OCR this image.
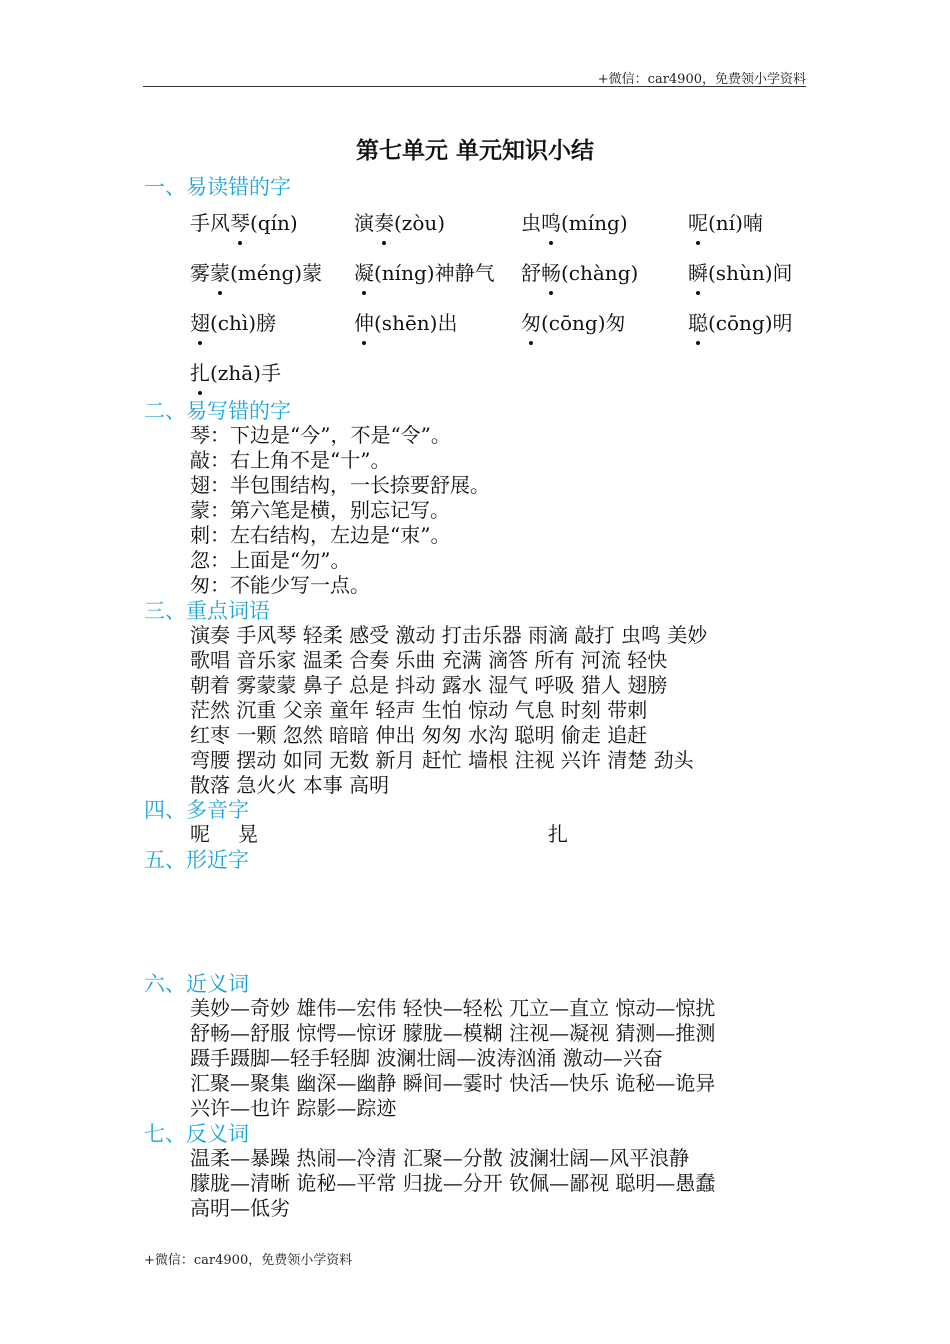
+微信：car4900，免费领小学资料
第七单元 单元知识小结
一、易读错的字
手风琴(qín)	演奏(zòu)	虫鸣(míng)	呢(ní)喃
雾蒙(méng)蒙 凝(níng)神静气 舒畅(chàng) 瞬(shùn)间
翅(chì)膀	伸(shēn)出	匆(cōng)匆	聪(cōng)明
扎(zhā)手
二、易写错的字
琴：下边是“今”，不是“令”。
敲：右上角不是“十”。
翅：半包围结构，一长捺要舒展。
蒙：第六笔是横，别忘记写。
刺：左右结构，左边是“朿”。
忽：上面是“勿”。
匆：不能少写一点。
三、重点词语
演奏 手风琴 轻柔 感受 激动 打击乐器 雨滴 敲打 虫鸣 美妙
歌唱 音乐家 温柔 合奏 乐曲 充满 滴答 所有 河流 轻快
朝着 雾蒙蒙 鼻子 总是 抖动 露水 湿气 呼吸 猎人 翅膀
茫然 沉重 父亲 童年 轻声 生怕 惊动 气息 时刻 带刺
红枣 一颗 忽然 暗暗 伸出 匆匆 水沟 聪明 偷走 追赶
弯腰 摆动 如同 无数 新月 赶忙 墙根 注视 兴许 清楚 劲头
散落 急火火 本事 高明
四、多音字
呢 晃	扎
五、形近字
六、近义词
美妙—奇妙 雄伟—宏伟 轻快—轻松 兀立—直立 惊动—惊扰
舒畅—舒服 惊愕—惊讶 朦胧—模糊 注视—凝视 猜测—推测
蹑手蹑脚—轻手轻脚 波澜壮阔—波涛汹涌 激动—兴奋
汇聚—聚集 幽深—幽静 瞬间—霎时 快活—快乐 诡秘—诡异
兴许—也许 踪影—踪迹
七、反义词
温柔—暴躁 热闹—冷清 汇聚—分散 波澜壮阔—风平浪静
朦胧—清晰 诡秘—平常 归拢—分开 钦佩—鄙视 聪明—愚蠢
高明—低劣
+微信：car4900，免费领小学资料
